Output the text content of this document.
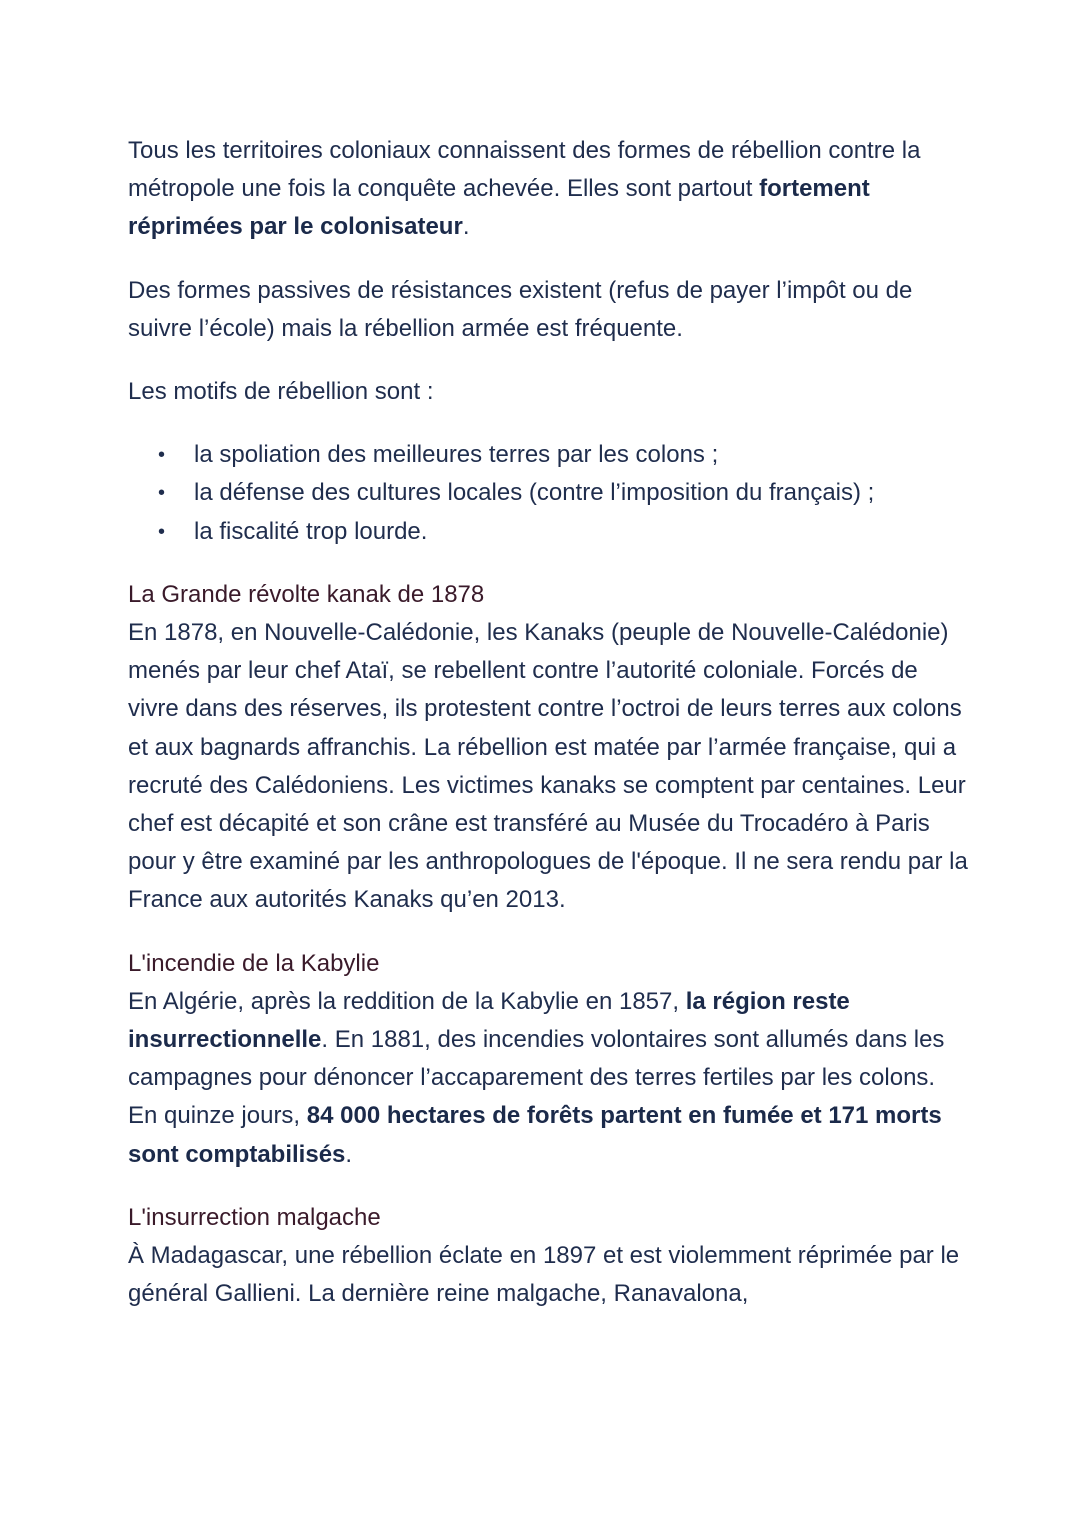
Tous les territoires coloniaux connaissent des formes de rébellion contre la métropole une fois la conquête achevée. Elles sont partout fortement réprimées par le colonisateur.

Des formes passives de résistances existent (refus de payer l’impôt ou de suivre l’école) mais la rébellion armée est fréquente.

Les motifs de rébellion sont :

• la spoliation des meilleures terres par les colons ;
• la défense des cultures locales (contre l’imposition du français) ;
• la fiscalité trop lourde.

La Grande révolte kanak de 1878

En 1878, en Nouvelle-Calédonie, les Kanaks (peuple de Nouvelle-Calédonie) menés par leur chef Ataï, se rebellent contre l’autorité coloniale. Forcés de vivre dans des réserves, ils protestent contre l’octroi de leurs terres aux colons et aux bagnards affranchis. La rébellion est matée par l’armée française, qui a recruté des Calédoniens. Les victimes kanaks se comptent par centaines. Leur chef est décapité et son crâne est transféré au Musée du Trocadéro à Paris pour y être examiné par les anthropologues de l'époque. Il ne sera rendu par la France aux autorités Kanaks qu’en 2013.

L'incendie de la Kabylie

En Algérie, après la reddition de la Kabylie en 1857, la région reste insurrectionnelle. En 1881, des incendies volontaires sont allumés dans les campagnes pour dénoncer l’accaparement des terres fertiles par les colons. En quinze jours, 84 000 hectares de forêts partent en fumée et 171 morts sont comptabilisés.

L'insurrection malgache

À Madagascar, une rébellion éclate en 1897 et est violemment réprimée par le général Gallieni. La dernière reine malgache, Ranavalona,
